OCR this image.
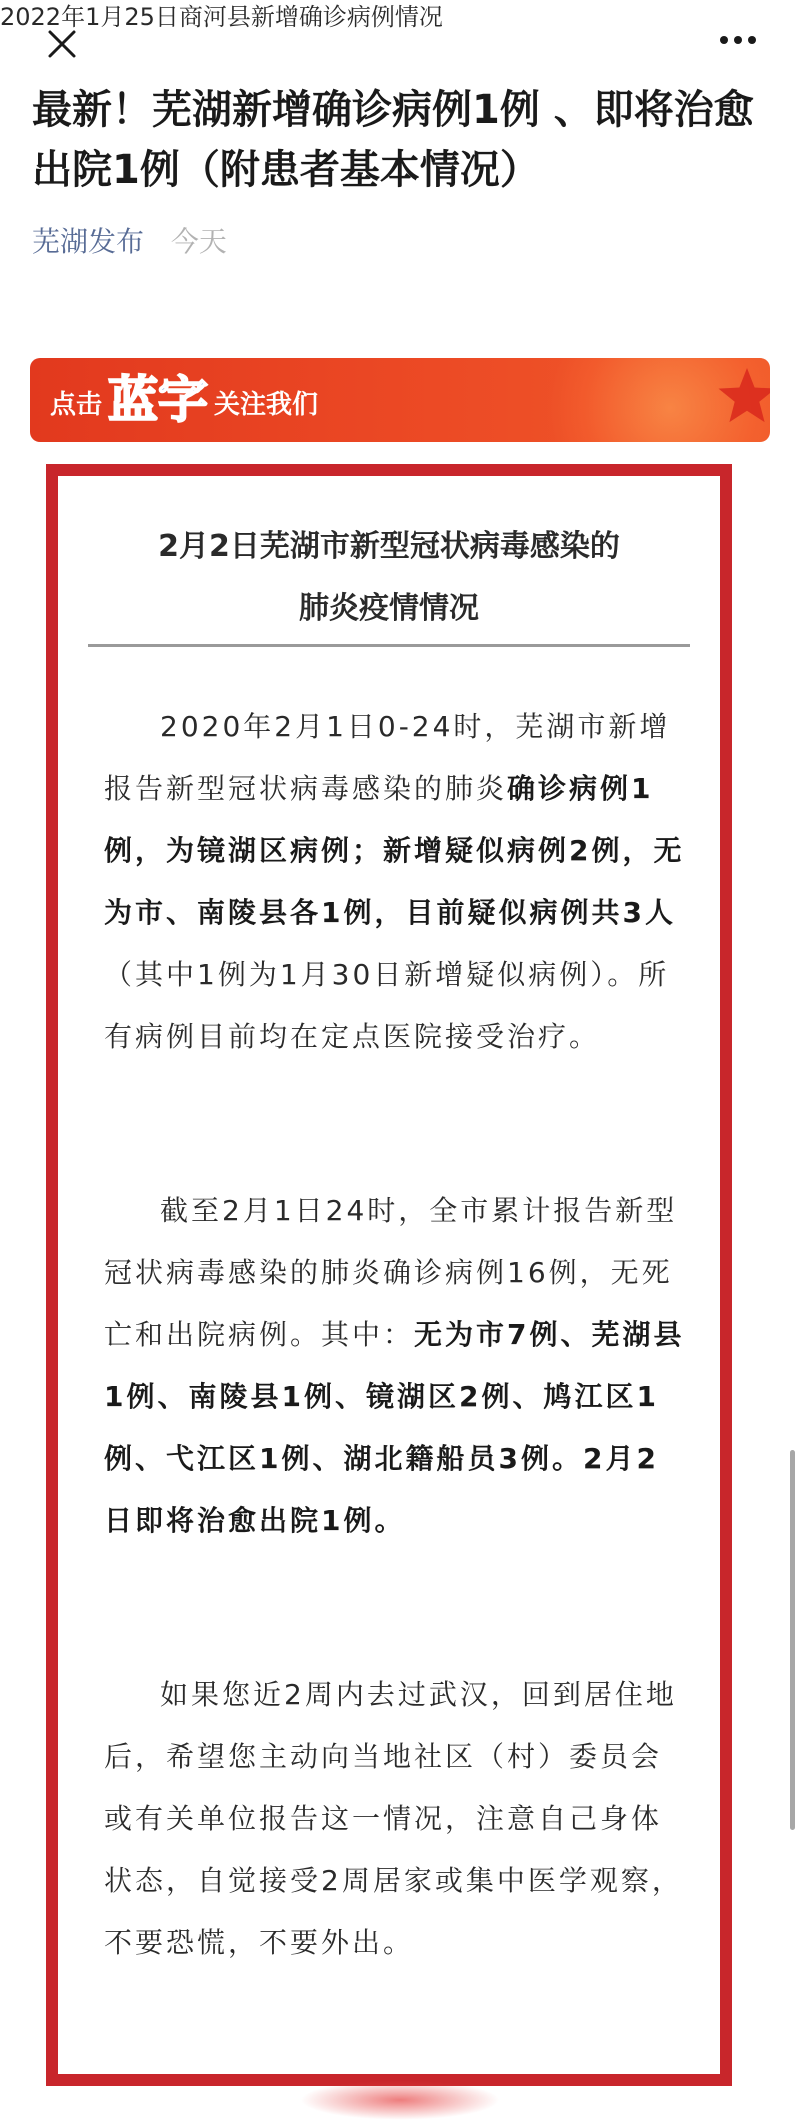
2022年1月25日商河县新增确诊病例情况
最新！芜湖新增确诊病例1例 、即将治愈出院1例（附患者基本情况）
芜湖发布 今天
点击 蓝字 关注我们
2月2日芜湖市新型冠状病毒感染的
肺炎疫情情况

2020年2月1日0-24时，芜湖市新增报告新型冠状病毒感染的肺炎确诊病例1例，为镜湖区病例；新增疑似病例2例，无为市、南陵县各1例，目前疑似病例共3人（其中1例为1月30日新增疑似病例）。所有病例目前均在定点医院接受治疗。

截至2月1日24时，全市累计报告新型冠状病毒感染的肺炎确诊病例16例，无死亡和出院病例。其中：无为市7例、芜湖县1例、南陵县1例、镜湖区2例、鸠江区1例、弋江区1例、湖北籍船员3例。2月2日即将治愈出院1例。

如果您近2周内去过武汉，回到居住地后，希望您主动向当地社区（村）委员会或有关单位报告这一情况，注意自己身体状态，自觉接受2周居家或集中医学观察，不要恐慌，不要外出。
